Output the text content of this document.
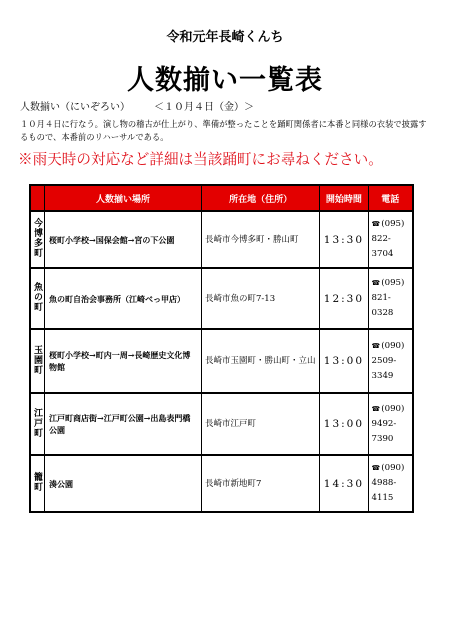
令和元年長崎くんち
人数揃い一覧表
人数揃い（にいぞろい） ＜１０月４日（金）＞
１０月４日に行なう。演し物の稽古が仕上がり、準備が整ったことを踊町関係者に本番と同様の衣装で披露するもので、本番前のリハーサルである。
※雨天時の対応など詳細は当該踊町にお尋ねください。
	人数揃い場所	所在地（住所）	開始時間	電話
今博多町	桜町小学校→国保会館→宮の下公園	長崎市今博多町・勝山町	13:30	☎(095)
822-
3704

魚の町	魚の町自治会事務所（江崎べっ甲店）	長崎市魚の町7-13	12:30	☎(095)
821-
0328

玉園町	桜町小学校→町内一周→長崎歴史文化博物館	長崎市玉園町・勝山町・立山	13:00	☎(090)
2509-
3349

江戸町	江戸町商店街→江戸町公園→出島表門橋公園	長崎市江戸町	13:00	☎(090)
9492-
7390

籠町	湊公園	長崎市新地町7	14:30	☎(090)
4988-
4115
